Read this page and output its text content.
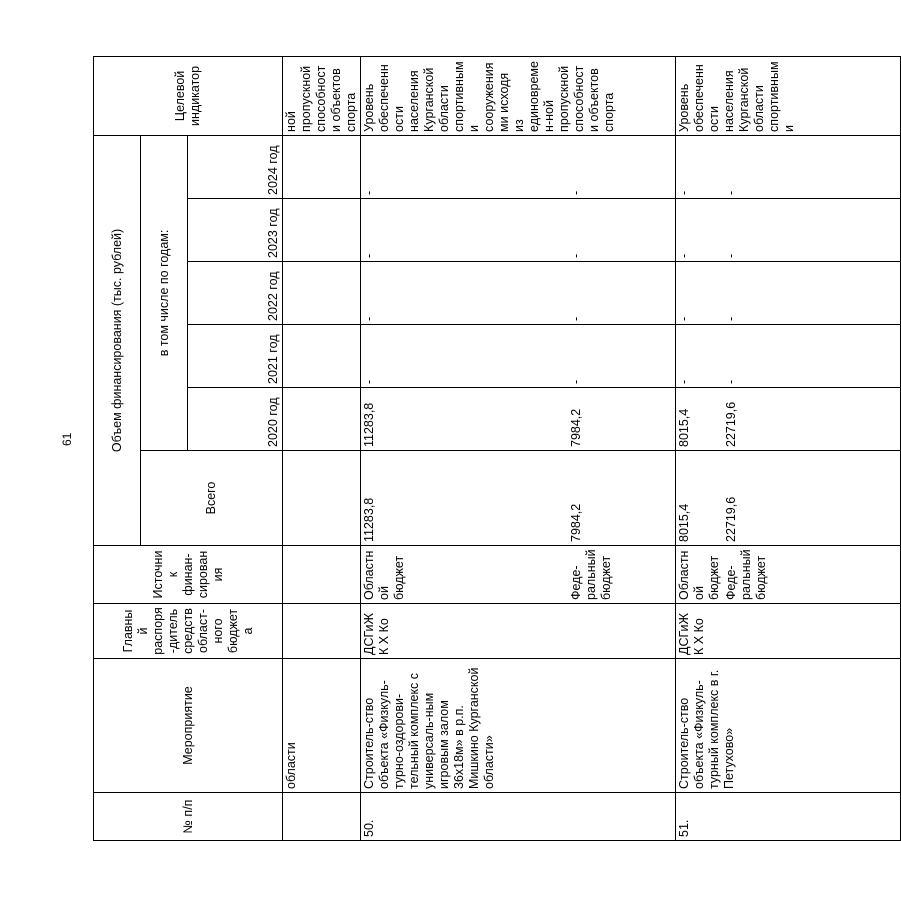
61
№ п/п	Мероприятие	Главный распоря-дитель средств област-ного бюджета	Источник финан-сирования	Объем финансирования (тыс. рублей)						Целевой индикатор
				Всего	в том числе по годам:					
					2020 год	2021 год	2022 год	2023 год	2024 год	
	области									ной пропускной способности объектов спорта
50.	Строитель-ство объекта «Физкуль-турно-оздорови-тельный комплекс с универсаль-ным игровым залом 36х18м» в р.п. Мишкино Курганской области»	ДСГиЖК Х Ко	Областной бюджет	11283,8	11283,8	-	-	-	-	Уровень обеспеченности населения Курганской области спортивными сооружениями исходя из единовремен-ной пропускной способности объектов спорта
			Феде-ральный бюджет	7984,2	7984,2	-	-	-	-	
51.	Строитель-ство объекта «Физкуль-турный комплекс в г. Петухово»	ДСГиЖК Х Ко	Областной бюджет	8015,4	8015,4	-	-	-	-	Уровень обеспеченности населения Курганской области спортивными
			Феде-ральный бюджет	22719,6	22719,6	-	-	-	-	
